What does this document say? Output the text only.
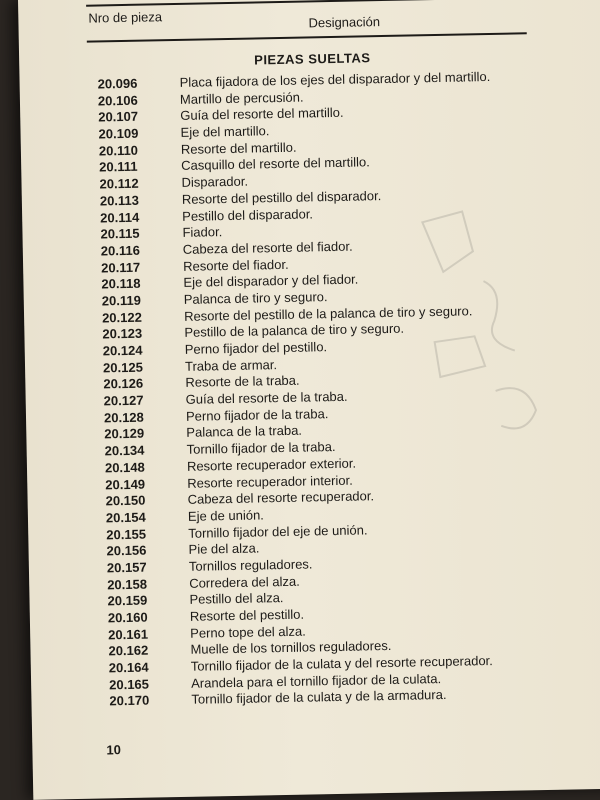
Nro de pieza	Designación
PIEZAS SUELTAS
20.096	Placa fijadora de los ejes del disparador y del martillo.
20.106	Martillo de percusión.
20.107	Guía del resorte del martillo.
20.109	Eje del martillo.
20.110	Resorte del martillo.
20.111	Casquillo del resorte del martillo.
20.112	Disparador.
20.113	Resorte del pestillo del disparador.
20.114	Pestillo del disparador.
20.115	Fiador.
20.116	Cabeza del resorte del fiador.
20.117	Resorte del fiador.
20.118	Eje del disparador y del fiador.
20.119	Palanca de tiro y seguro.
20.122	Resorte del pestillo de la palanca de tiro y seguro.
20.123	Pestillo de la palanca de tiro y seguro.
20.124	Perno fijador del pestillo.
20.125	Traba de armar.
20.126	Resorte de la traba.
20.127	Guía del resorte de la traba.
20.128	Perno fijador de la traba.
20.129	Palanca de la traba.
20.134	Tornillo fijador de la traba.
20.148	Resorte recuperador exterior.
20.149	Resorte recuperador interior.
20.150	Cabeza del resorte recuperador.
20.154	Eje de unión.
20.155	Tornillo fijador del eje de unión.
20.156	Pie del alza.
20.157	Tornillos reguladores.
20.158	Corredera del alza.
20.159	Pestillo del alza.
20.160	Resorte del pestillo.
20.161	Perno tope del alza.
20.162	Muelle de los tornillos reguladores.
20.164	Tornillo fijador de la culata y del resorte recuperador.
20.165	Arandela para el tornillo fijador de la culata.
20.170	Tornillo fijador de la culata y de la armadura.
10
